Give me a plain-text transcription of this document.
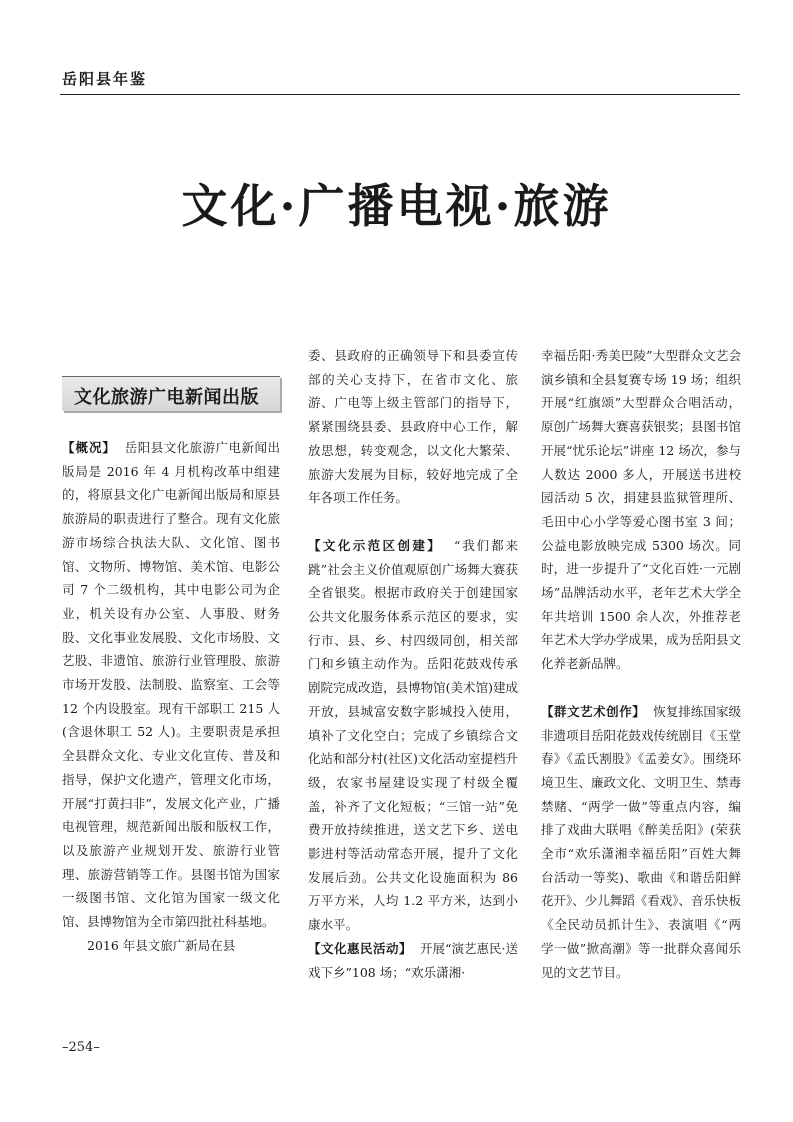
岳阳县年鉴
文化·广播电视·旅游
文化旅游广电新闻出版

【概况】 岳阳县文化旅游广电新闻出版局是 2016 年 4 月机构改革中组建的，将原县文化广电新闻出版局和原县旅游局的职责进行了整合。现有文化旅游市场综合执法大队、文化馆、图书馆、文物所、博物馆、美术馆、电影公司 7 个二级机构，其中电影公司为企业，机关设有办公室、人事股、财务股、文化事业发展股、文化市场股、文艺股、非遗馆、旅游行业管理股、旅游市场开发股、法制股、监察室、工会等 12 个内设股室。现有干部职工 215 人(含退休职工 52 人)。主要职责是承担全县群众文化、专业文化宣传、普及和指导，保护文化遗产，管理文化市场，开展“打黄扫非”，发展文化产业，广播电视管理，规范新闻出版和版权工作，以及旅游产业规划开发、旅游行业管理、旅游营销等工作。县图书馆为国家一级图书馆、文化馆为国家一级文化馆、县博物馆为全市第四批社科基地。

2016 年县文旅广新局在县

委、县政府的正确领导下和县委宣传部的关心支持下，在省市文化、旅游、广电等上级主管部门的指导下，紧紧围绕县委、县政府中心工作，解放思想，转变观念，以文化大繁荣、旅游大发展为目标，较好地完成了全年各项工作任务。

【文化示范区创建】 “我们都来跳”社会主义价值观原创广场舞大赛获全省银奖。根据市政府关于创建国家公共文化服务体系示范区的要求，实行市、县、乡、村四级同创，相关部门和乡镇主动作为。岳阳花鼓戏传承剧院完成改造，县博物馆(美术馆)建成开放，县城富安数字影城投入使用，填补了文化空白；完成了乡镇综合文化站和部分村(社区)文化活动室提档升级，农家书屋建设实现了村级全覆盖，补齐了文化短板；“三馆一站”免费开放持续推进，送文艺下乡、送电影进村等活动常态开展，提升了文化发展后劲。公共文化设施面积为 86 万平方米，人均 1.2 平方米，达到小康水平。

【文化惠民活动】 开展“演艺惠民·送戏下乡”108 场；“欢乐潇湘·

幸福岳阳·秀美巴陵”大型群众文艺会演乡镇和全县复赛专场 19 场；组织开展“红旗颂”大型群众合唱活动，原创广场舞大赛喜获银奖；县图书馆开展“忧乐论坛”讲座 12 场次，参与人数达 2000 多人，开展送书进校园活动 5 次，捐建县监狱管理所、毛田中心小学等爱心图书室 3 间；公益电影放映完成 5300 场次。同时，进一步提升了“文化百姓·一元剧场”品牌活动水平，老年艺术大学全年共培训 1500 余人次，外推荐老年艺术大学办学成果，成为岳阳县文化养老新品牌。

【群文艺术创作】 恢复排练国家级非遗项目岳阳花鼓戏传统剧目《玉堂春》《孟氏割股》《孟姜女》。围绕环境卫生、廉政文化、文明卫生、禁毒禁赌、“两学一做”等重点内容，编排了戏曲大联唱《醉美岳阳》(荣获全市“欢乐潇湘幸福岳阳”百姓大舞台活动一等奖)、歌曲《和谐岳阳鲜花开》、少儿舞蹈《看戏》、音乐快板《全民动员抓计生》、表演唱《“两学一做”掀高潮》等一批群众喜闻乐见的文艺节目。

–254–
